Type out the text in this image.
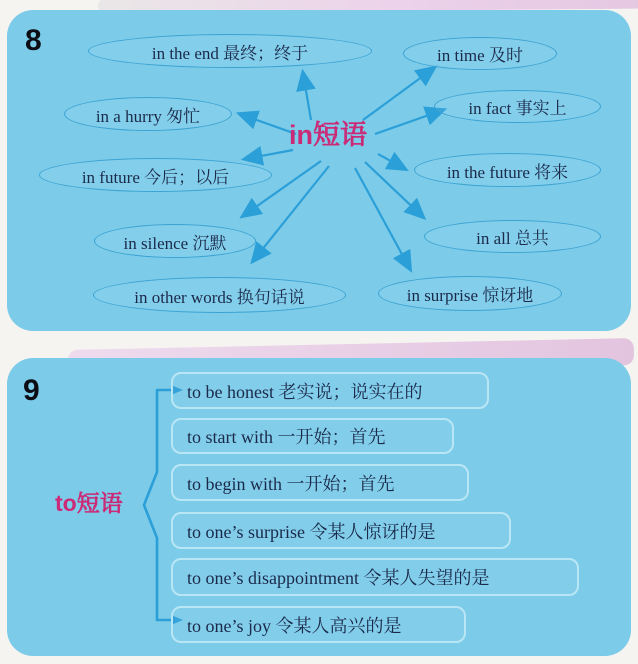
8
in短语
in the end 最终；终于	in time 及时
in a hurry 匆忙	in fact 事实上
in future 今后；以后	in the future 将来
in silence 沉默	in all 总共
in other words 换句话说	in surprise 惊讶地
9
to短语
to be honest 老实说；说实在的
to start with 一开始；首先
to begin with 一开始；首先
to one’s surprise 令某人惊讶的是
to one’s disappointment 令某人失望的是
to one’s joy 令某人高兴的是
